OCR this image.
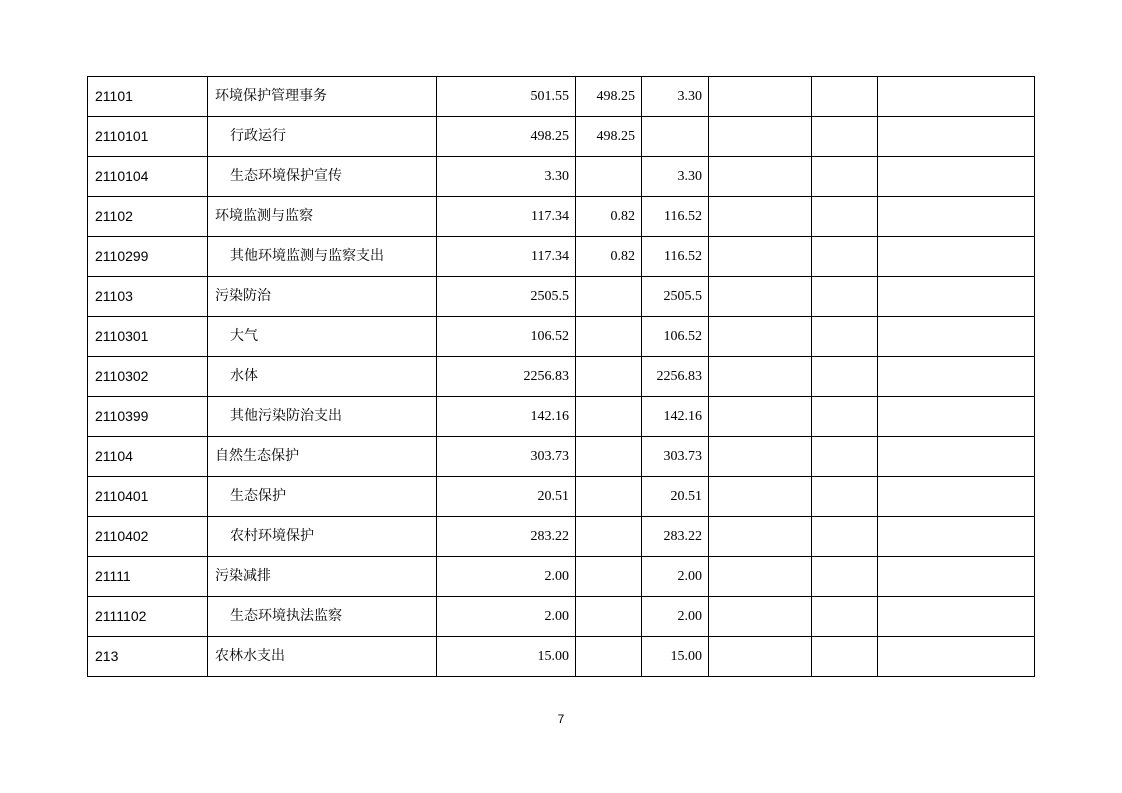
21101	环境保护管理事务	501.55	498.25	3.30			
2110101	行政运行	498.25	498.25				
2110104	生态环境保护宣传	3.30		3.30			
21102	环境监测与监察	117.34	0.82	116.52			
2110299	其他环境监测与监察支出	117.34	0.82	116.52			
21103	污染防治	2505.5		2505.5			
2110301	大气	106.52		106.52			
2110302	水体	2256.83		2256.83			
2110399	其他污染防治支出	142.16		142.16			
21104	自然生态保护	303.73		303.73			
2110401	生态保护	20.51		20.51			
2110402	农村环境保护	283.22		283.22			
21111	污染减排	2.00		2.00			
2111102	生态环境执法监察	2.00		2.00			
213	农林水支出	15.00		15.00			
7
